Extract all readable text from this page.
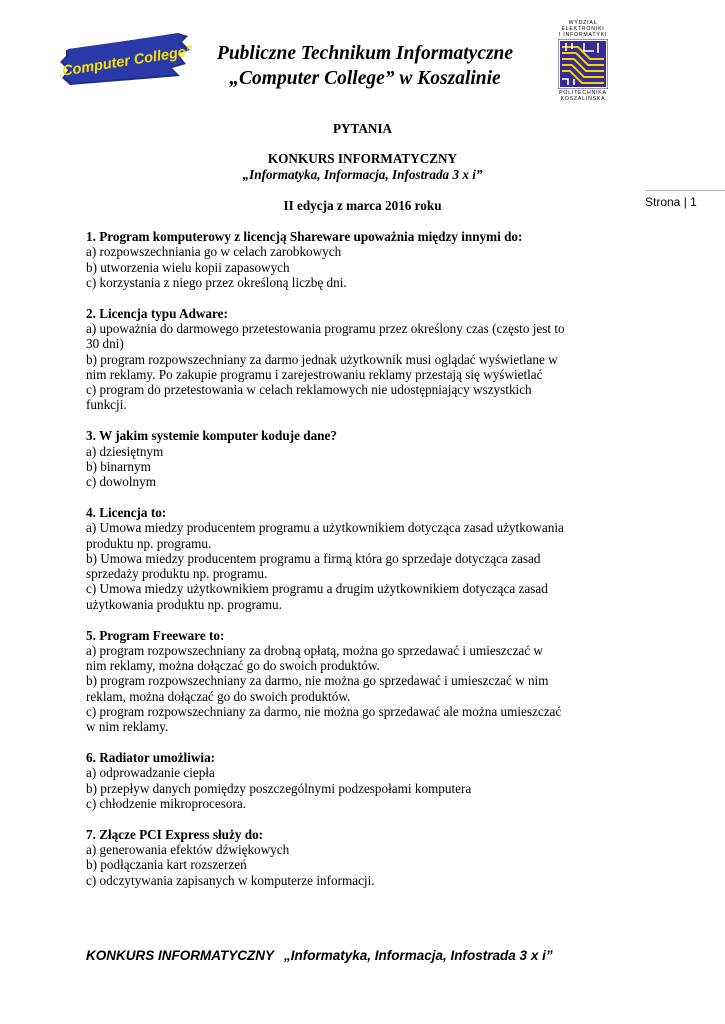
„Computer College”	Publiczne Technikum Informatyczne
„Computer College” w Koszalinie
WYDZIAŁ
ELEKTRONIKI
I INFORMATYKI
POLITECHNIKA
KOSZALIŃSKA
Strona | 1
PYTANIA
KONKURS INFORMATYCZNY
„Informatyka, Informacja, Infostrada 3 x i”
II edycja z marca 2016 roku
1. Program komputerowy z licencją Shareware upoważnia między innymi do:
a) rozpowszechniania go w celach zarobkowych
b) utworzenia wielu kopii zapasowych
c) korzystania z niego przez określoną liczbę dni.
2. Licencja typu Adware:
a) upoważnia do darmowego przetestowania programu przez określony czas (często jest to 30 dni)
b) program rozpowszechniany za darmo jednak użytkownik musi oglądać wyświetlane w nim reklamy. Po zakupie programu i zarejestrowaniu reklamy przestają się wyświetlać
c) program do przetestowania w celach reklamowych nie udostępniający wszystkich funkcji.
3. W jakim systemie komputer koduje dane?
a) dziesiętnym
b) binarnym
c) dowolnym
4. Licencja to:
a) Umowa miedzy producentem programu a użytkownikiem dotycząca zasad użytkowania produktu np. programu.
b) Umowa miedzy producentem programu a firmą która go sprzedaje dotycząca zasad sprzedaży produktu np. programu.
c) Umowa miedzy użytkownikiem programu a drugim użytkownikiem dotycząca zasad użytkowania produktu np. programu.
5. Program Freeware to:
a) program rozpowszechniany za drobną opłatą, można go sprzedawać i umieszczać w nim reklamy, można dołączać go do swoich produktów.
b) program rozpowszechniany za darmo, nie można go sprzedawać i umieszczać w nim reklam, można dołączać go do swoich produktów.
c) program rozpowszechniany za darmo, nie można go sprzedawać ale można umieszczać w nim reklamy.
6. Radiator umożliwia:
a) odprowadzanie ciepła
b) przepływ danych pomiędzy poszczególnymi podzespołami komputera
c) chłodzenie mikroprocesora.
7. Złącze PCI Express służy do:
a) generowania efektów dźwiękowych
b) podłączania kart rozszerzeń
c) odczytywania zapisanych w komputerze informacji.
KONKURS INFORMATYCZNY „Informatyka, Informacja, Infostrada 3 x i”
